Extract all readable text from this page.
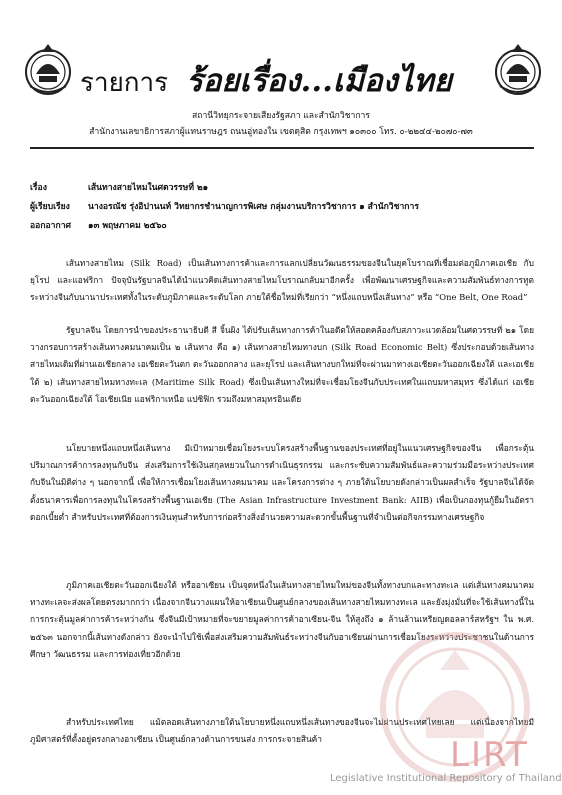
รายการ ร้อยเรื่อง...เมืองไทย
สถานีวิทยุกระจายเสียงรัฐสภา และสำนักวิชาการ
สำนักงานเลขาธิการสภาผู้แทนราษฎร ถนนอู่ทองใน เขตดุสิต กรุงเทพฯ ๑๐๓๐๐ โทร. ๐-๒๒๔๔-๒๐๗๐-๗๓
เรื่อง	เส้นทางสายไหมในศตวรรษที่ ๒๑
ผู้เรียบเรียง นางอรณัช รุ่งอิปานนท์ วิทยากรชำนาญการพิเศษ กลุ่มงานบริการวิชาการ ๑ สำนักวิชาการ
ออกอากาศ ๑๓ พฤษภาคม ๒๕๖๐

เส้นทางสายไหม (Silk Road) เป็นเส้นทางการค้าและการแลกเปลี่ยนวัฒนธรรมของจีนในยุคโบราณที่เชื่อมต่อภูมิภาคเอเชีย กับยุโรป และแอฟริกา ปัจจุบันรัฐบาลจีนได้นำแนวคิดเส้นทางสายไหมโบราณกลับมาอีกครั้ง เพื่อพัฒนาเศรษฐกิจและความสัมพันธ์ทางการทูตระหว่างจีนกับนานาประเทศทั้งในระดับภูมิภาคและระดับโลก ภายใต้ชื่อใหม่ที่เรียกว่า “หนึ่งแถบหนึ่งเส้นทาง” หรือ “One Belt, One Road”

รัฐบาลจีน โดยการนำของประธานาธิบดี สี จิ้นผิง ได้ปรับเส้นทางการค้าในอดีตให้สอดคล้องกับสภาวะแวดล้อมในศตวรรษที่ ๒๑ โดยวางกรอบการสร้างเส้นทางคมนาคมเป็น ๒ เส้นทาง คือ ๑) เส้นทางสายไหมทางบก (Silk Road Economic Belt) ซึ่งประกอบด้วยเส้นทางสายไหมเดิมที่ผ่านเอเชียกลาง เอเชียตะวันตก ตะวันออกกลาง และยุโรป และเส้นทางบกใหม่ที่จะผ่านมาทางเอเชียตะวันออกเฉียงใต้ และเอเชียใต้ ๒) เส้นทางสายไหมทางทะเล (Maritime Silk Road) ซึ่งเป็นเส้นทางใหม่ที่จะเชื่อมโยงจีนกับประเทศในแถบมหาสมุทร ซึ่งได้แก่ เอเชียตะวันออกเฉียงใต้ โอเชียเนีย แอฟริกาเหนือ แปซิฟิก รวมถึงมหาสมุทรอินเดีย

นโยบายหนึ่งแถบหนึ่งเส้นทาง มีเป้าหมายเชื่อมโยงระบบโครงสร้างพื้นฐานของประเทศที่อยู่ในแนวเศรษฐกิจของจีน เพื่อกระตุ้นปริมาณการค้าการลงทุนกับจีน ส่งเสริมการใช้เงินสกุลหยวนในการดำเนินธุรกรรม และกระชับความสัมพันธ์และความร่วมมือระหว่างประเทศกับจีนในมิติต่าง ๆ นอกจากนี้ เพื่อให้การเชื่อมโยงเส้นทางคมนาคม และโครงการต่าง ๆ ภายใต้นโยบายดังกล่าวเป็นผลสำเร็จ รัฐบาลจีนได้จัดตั้งธนาคารเพื่อการลงทุนในโครงสร้างพื้นฐานเอเชีย (The Asian Infrastructure Investment Bank: AIIB) เพื่อเป็นกองทุนกู้ยืมในอัตราดอกเบี้ยต่ำ สำหรับประเทศที่ต้องการเงินทุนสำหรับการก่อสร้างสิ่งอำนวยความสะดวกขั้นพื้นฐานที่จำเป็นต่อกิจกรรมทางเศรษฐกิจ

ภูมิภาคเอเชียตะวันออกเฉียงใต้ หรืออาเซียน เป็นจุดหนึ่งในเส้นทางสายไหมใหม่ของจีนทั้งทางบกและทางทะเล แต่เส้นทางคมนาคมทางทะเลจะส่งผลโดยตรงมากกว่า เนื่องจากจีนวางแผนให้อาเซียนเป็นศูนย์กลางของเส้นทางสายไหมทางทะเล และยังมุ่งมั่นที่จะใช้เส้นทางนี้ในการกระตุ้นมูลค่าการค้าระหว่างกัน ซึ่งจีนมีเป้าหมายที่จะขยายมูลค่าการค้าอาเซียน-จีน ให้สูงถึง ๑ ล้านล้านเหรียญดอลลาร์สหรัฐฯ ใน พ.ศ. ๒๕๖๓ นอกจากนี้เส้นทางดังกล่าว ยังจะนำไปใช้เพื่อส่งเสริมความสัมพันธ์ระหว่างจีนกับอาเซียนผ่านการเชื่อมโยงระหว่างประชาชนในด้านการศึกษา วัฒนธรรม และการท่องเที่ยวอีกด้วย

สำหรับประเทศไทย แม้ตลอดเส้นทางภายใต้นโยบายหนึ่งแถบหนึ่งเส้นทางของจีนจะไม่ผ่านประเทศไทยเลย แต่เนื่องจากไทยมีภูมิศาสตร์ที่ตั้งอยู่ตรงกลางอาเซียน เป็นศูนย์กลางด้านการขนส่ง การกระจายสินค้า	LIRT
Legislative Institutional Repository of Thailand
